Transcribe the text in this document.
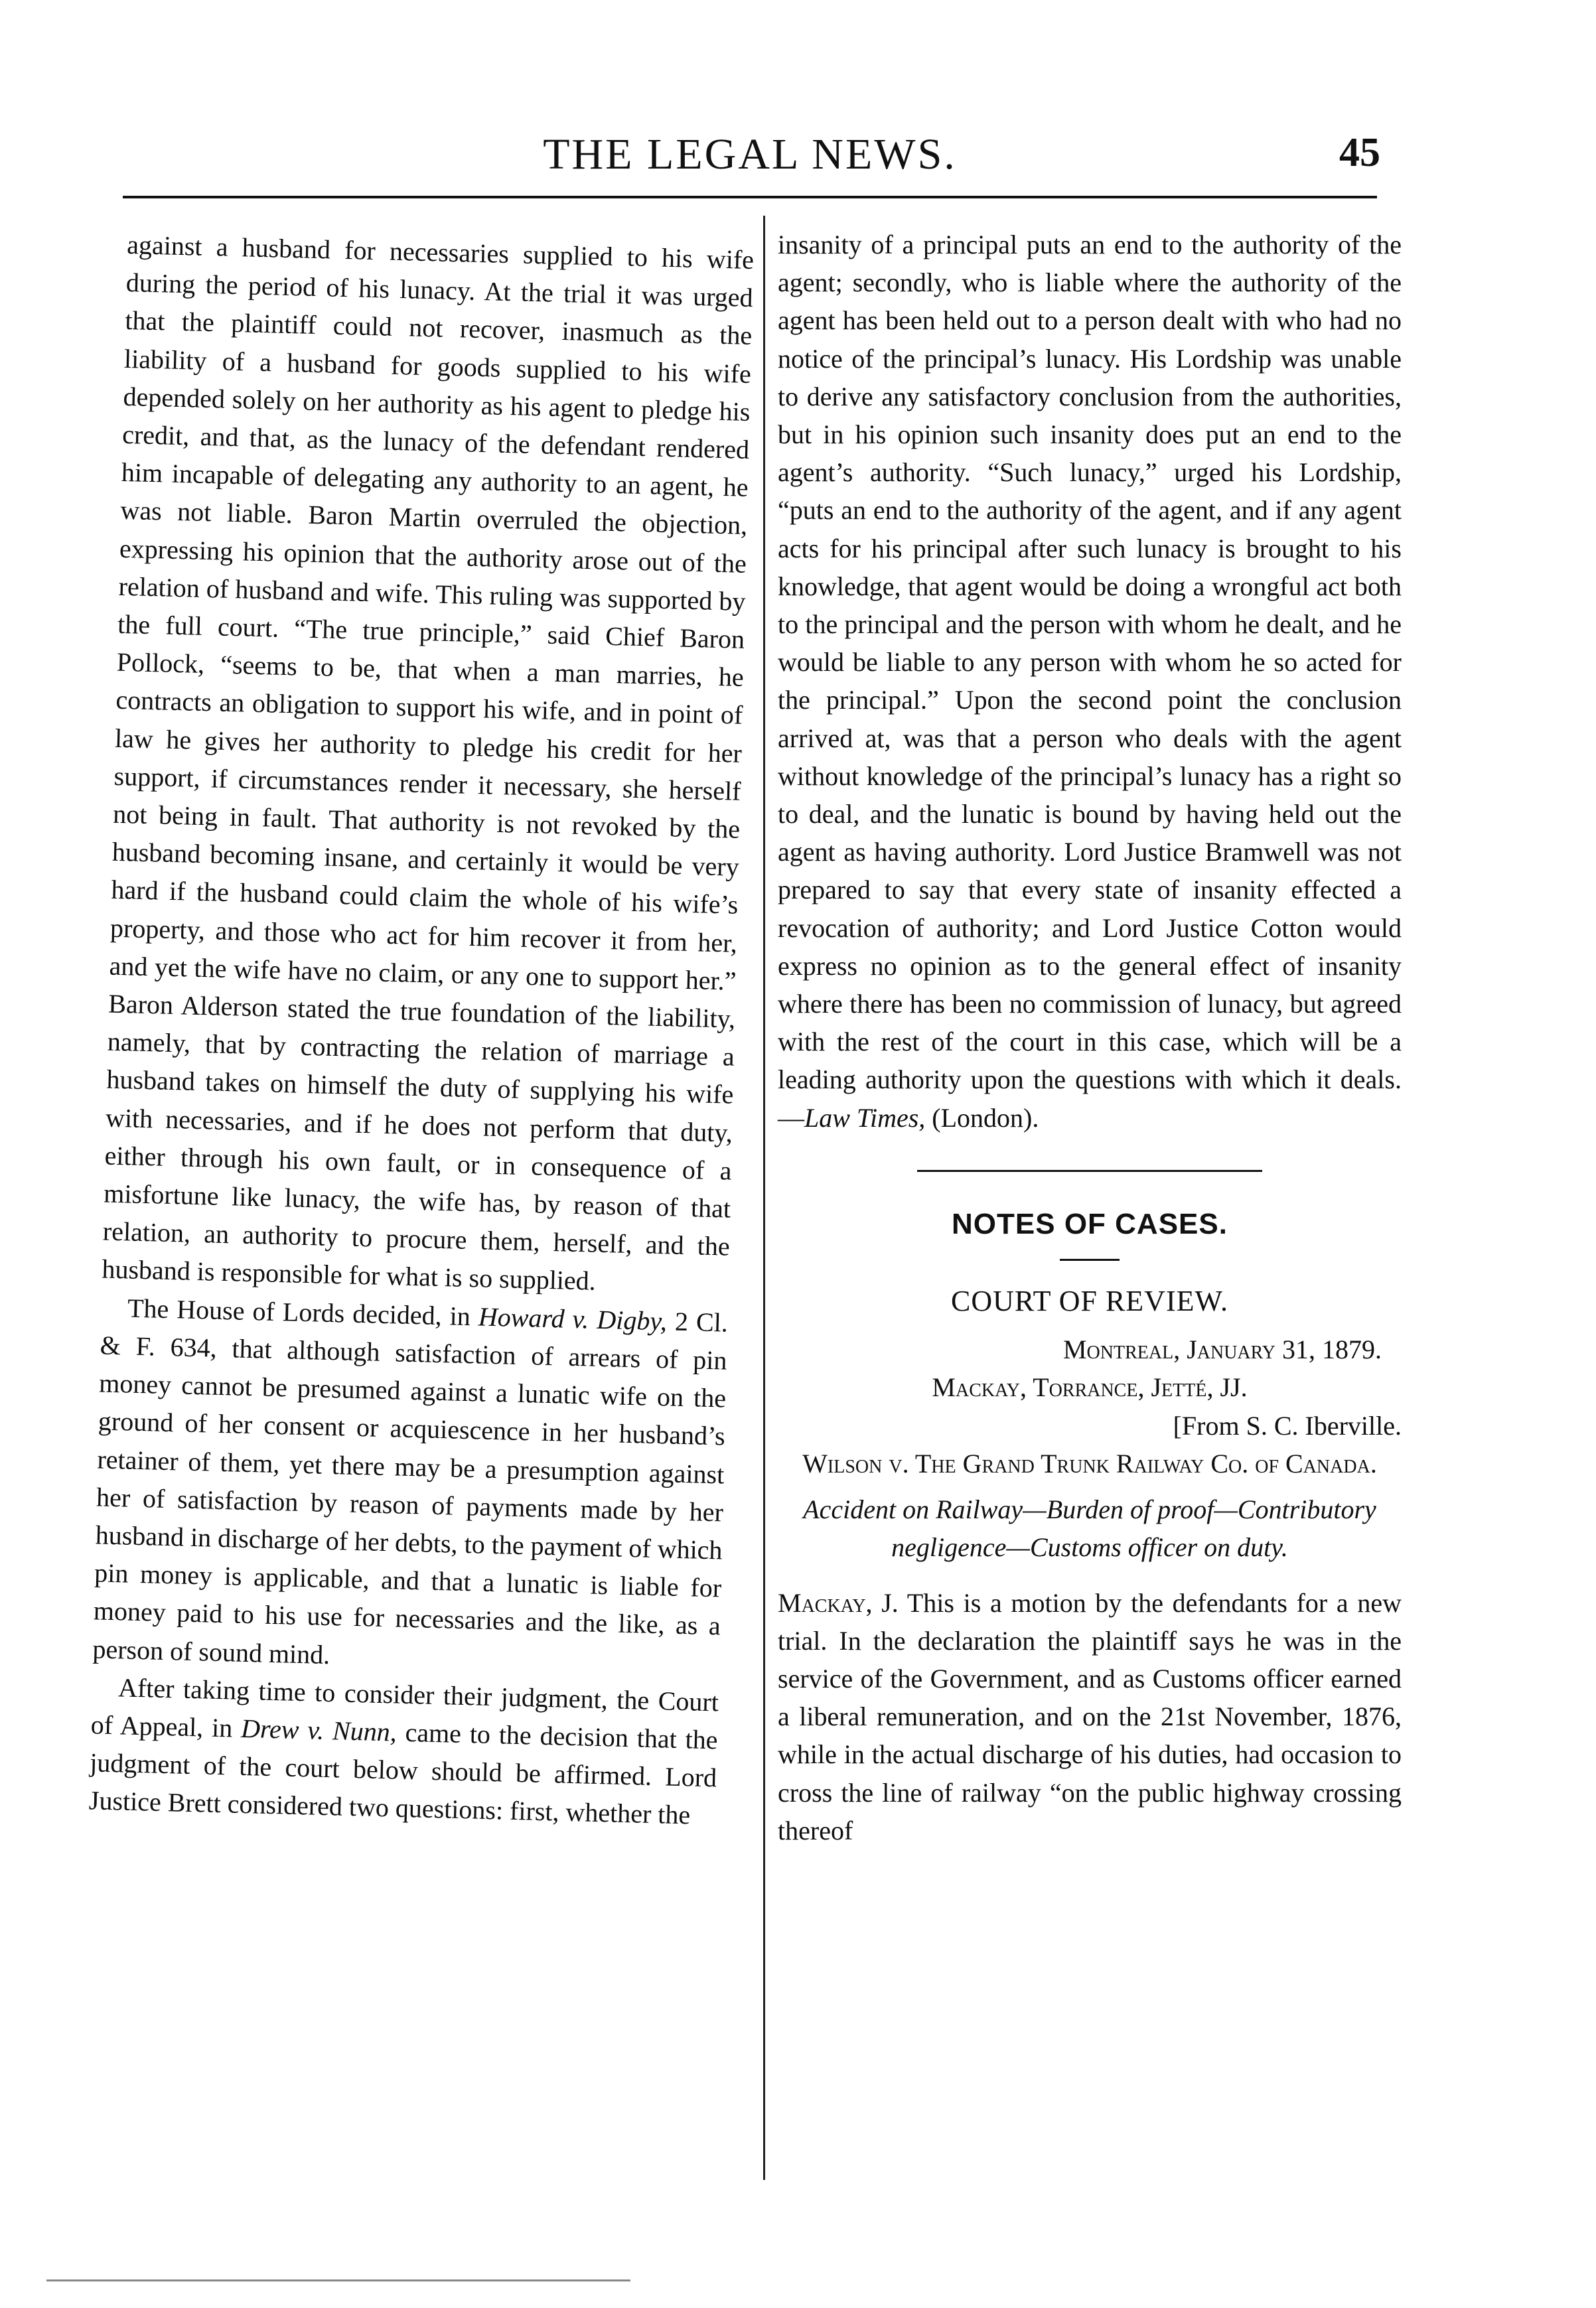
THE LEGAL NEWS.	45

against a husband for necessaries supplied to his wife during the period of his lunacy. At the trial it was urged that the plaintiff could not recover, inasmuch as the liability of a husband for goods supplied to his wife depended solely on her authority as his agent to pledge his credit, and that, as the lunacy of the defendant rendered him incapable of delegating any authority to an agent, he was not liable. Baron Martin overruled the objection, expressing his opinion that the authority arose out of the relation of husband and wife. This ruling was supported by the full court. “The true principle,” said Chief Baron Pollock, “seems to be, that when a man marries, he contracts an obligation to support his wife, and in point of law he gives her authority to pledge his credit for her support, if circumstances render it necessary, she herself not being in fault. That authority is not revoked by the husband becoming insane, and certainly it would be very hard if the husband could claim the whole of his wife’s property, and those who act for him recover it from her, and yet the wife have no claim, or any one to support her.” Baron Alderson stated the true foundation of the liability, namely, that by contracting the relation of marriage a husband takes on himself the duty of supplying his wife with necessaries, and if he does not perform that duty, either through his own fault, or in consequence of a misfortune like lunacy, the wife has, by reason of that relation, an authority to procure them, herself, and the husband is responsible for what is so supplied.

The House of Lords decided, in Howard v. Digby, 2 Cl. & F. 634, that although satisfaction of arrears of pin money cannot be presumed against a lunatic wife on the ground of her consent or acquiescence in her husband’s retainer of them, yet there may be a presumption against her of satisfaction by reason of payments made by her husband in discharge of her debts, to the payment of which pin money is applicable, and that a lunatic is liable for money paid to his use for necessaries and the like, as a person of sound mind.

After taking time to consider their judgment, the Court of Appeal, in Drew v. Nunn, came to the decision that the judgment of the court below should be affirmed. Lord Justice Brett considered two questions: first, whether the

insanity of a principal puts an end to the authority of the agent; secondly, who is liable where the authority of the agent has been held out to a person dealt with who had no notice of the principal’s lunacy. His Lordship was unable to derive any satisfactory conclusion from the authorities, but in his opinion such insanity does put an end to the agent’s authority. “Such lunacy,” urged his Lordship, “puts an end to the authority of the agent, and if any agent acts for his principal after such lunacy is brought to his knowledge, that agent would be doing a wrongful act both to the principal and the person with whom he dealt, and he would be liable to any person with whom he so acted for the principal.” Upon the second point the conclusion arrived at, was that a person who deals with the agent without knowledge of the principal’s lunacy has a right so to deal, and the lunatic is bound by having held out the agent as having authority. Lord Justice Bramwell was not prepared to say that every state of insanity effected a revocation of authority; and Lord Justice Cotton would express no opinion as to the general effect of insanity where there has been no commission of lunacy, but agreed with the rest of the court in this case, which will be a leading authority upon the questions with which it deals.—Law Times, (London).

NOTES OF CASES.
COURT OF REVIEW.
Montreal, January 31, 1879.
Mackay, Torrance, Jetté, JJ.
[From S. C. Iberville.
Wilson v. The Grand Trunk Railway Co. of Canada.
Accident on Railway—Burden of proof—Contributory negligence—Customs officer on duty.

Mackay, J. This is a motion by the defendants for a new trial. In the declaration the plaintiff says he was in the service of the Government, and as Customs officer earned a liberal remuneration, and on the 21st November, 1876, while in the actual discharge of his duties, had occasion to cross the line of railway “on the public highway crossing thereof
